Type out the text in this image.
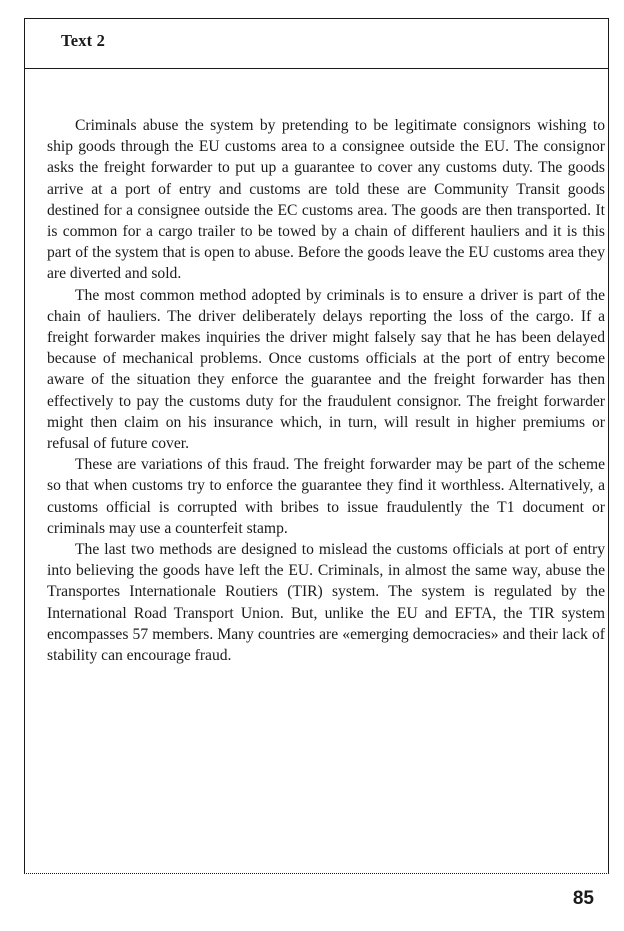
Text 2

Criminals abuse the system by pretending to be legitimate consignors wishing to ship goods through the EU customs area to a consignee outside the EU. The consignor asks the freight forwarder to put up a guarantee to cover any customs duty. The goods arrive at a port of entry and customs are told these are Community Transit goods destined for a consignee outside the EC customs area. The goods are then transported. It is common for a cargo trailer to be towed by a chain of different hauliers and it is this part of the system that is open to abuse. Before the goods leave the EU customs area they are diverted and sold.

The most common method adopted by criminals is to ensure a driver is part of the chain of hauliers. The driver deliberately delays reporting the loss of the cargo. If a freight forwarder makes inquiries the driver might falsely say that he has been delayed because of mechanical problems. Once customs officials at the port of entry become aware of the situation they enforce the guarantee and the freight forwarder has then effectively to pay the customs duty for the fraudulent consignor. The freight forwarder might then claim on his insurance which, in turn, will result in higher premiums or refusal of future cover.

These are variations of this fraud. The freight forwarder may be part of the scheme so that when customs try to enforce the guarantee they find it worthless. Alternatively, a customs official is corrupted with bribes to issue fraudulently the T1 document or criminals may use a counterfeit stamp.

The last two methods are designed to mislead the customs officials at port of entry into believing the goods have left the EU. Criminals, in almost the same way, abuse the Transportes Internationale Routiers (TIR) system. The system is regulated by the International Road Transport Union. But, unlike the EU and EFTA, the TIR system encompasses 57 members. Many countries are «emerging democracies» and their lack of stability can encourage fraud.

85
